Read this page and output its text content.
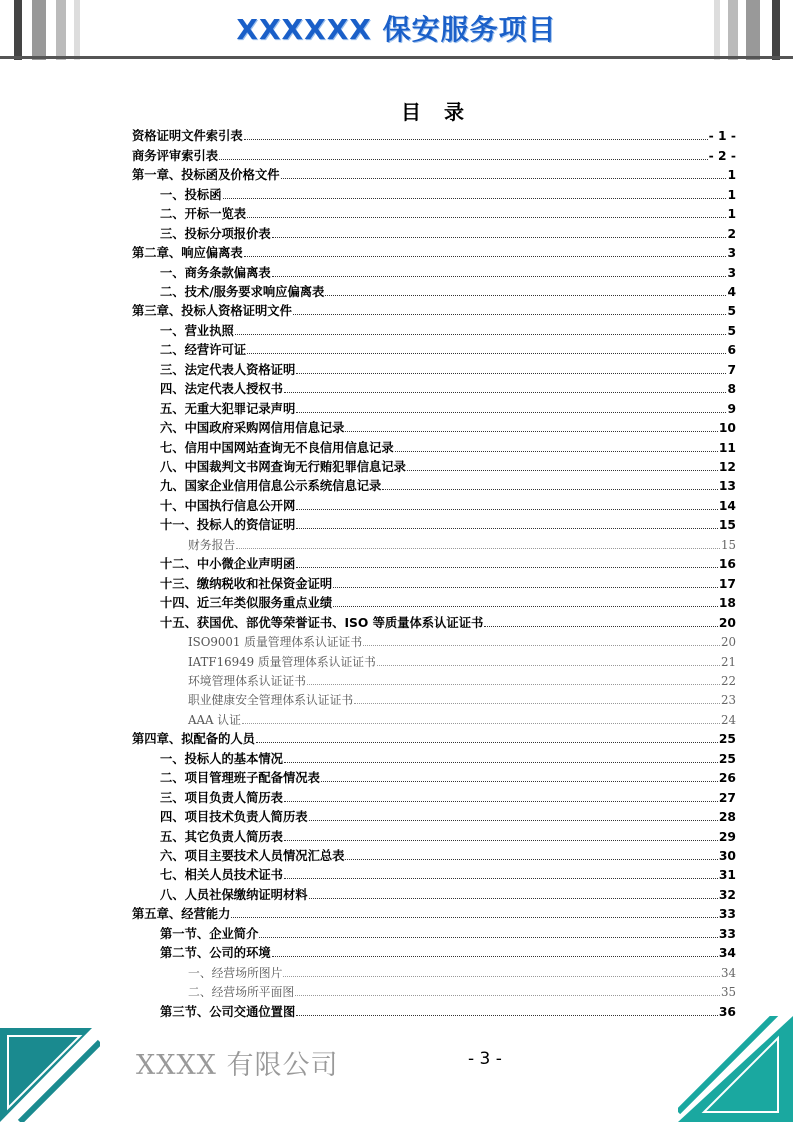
XXXXXX 保安服务项目
目 录
资格证明文件索引表	- 1 -
商务评审索引表	- 2 -
第一章、投标函及价格文件	1
一、投标函	1
二、开标一览表	1
三、投标分项报价表	2
第二章、响应偏离表	3
一、商务条款偏离表	3
二、技术/服务要求响应偏离表	4
第三章、投标人资格证明文件	5
一、营业执照	5
二、经营许可证	6
三、法定代表人资格证明	7
四、法定代表人授权书	8
五、无重大犯罪记录声明	9
六、中国政府采购网信用信息记录	10
七、信用中国网站查询无不良信用信息记录	11
八、中国裁判文书网查询无行贿犯罪信息记录	12
九、国家企业信用信息公示系统信息记录	13
十、中国执行信息公开网	14
十一、投标人的资信证明	15
财务报告	15
十二、中小微企业声明函	16
十三、缴纳税收和社保资金证明	17
十四、近三年类似服务重点业绩	18
十五、获国优、部优等荣誉证书、ISO 等质量体系认证证书	20
ISO9001 质量管理体系认证证书	20
IATF16949 质量管理体系认证证书	21
环境管理体系认证证书	22
职业健康安全管理体系认证证书	23
AAA 认证	24
第四章、拟配备的人员	25
一、投标人的基本情况	25
二、项目管理班子配备情况表	26
三、项目负责人简历表	27
四、项目技术负责人简历表	28
五、其它负责人简历表	29
六、项目主要技术人员情况汇总表	30
七、相关人员技术证书	31
八、人员社保缴纳证明材料	32
第五章、经营能力	33
第一节、企业简介	33
第二节、公司的环境	34
一、经营场所图片	34
二、经营场所平面图	35
第三节、公司交通位置图	36
XXXX 有限公司	- 3 -
